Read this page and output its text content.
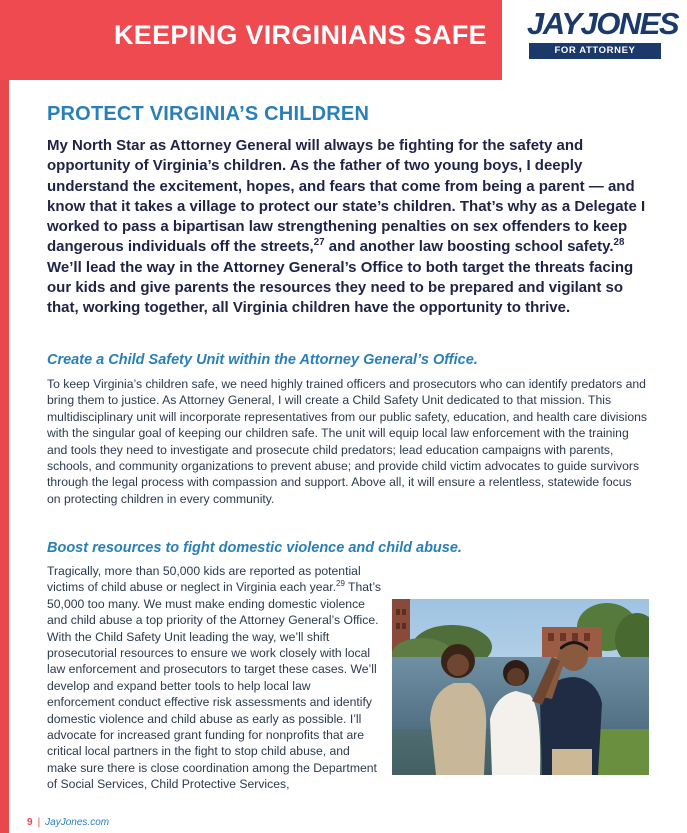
KEEPING VIRGINIANS SAFE JAYJONES
FOR ATTORNEY GENERAL
PROTECT VIRGINIA’S CHILDREN

My North Star as Attorney General will always be fighting for the safety and opportunity of Virginia’s children. As the father of two young boys, I deeply understand the excitement, hopes, and fears that come from being a parent — and know that it takes a village to protect our state’s children. That’s why as a Delegate I worked to pass a bipartisan law strengthening penalties on sex offenders to keep dangerous individuals off the streets,$^{27}$ and another law boosting school safety.$^{28}$ We’ll lead the way in the Attorney General’s Office to both target the threats facing our kids and give parents the resources they need to be prepared and vigilant so that, working together, all Virginia children have the opportunity to thrive.

Create a Child Safety Unit within the Attorney General’s Office.

To keep Virginia’s children safe, we need highly trained officers and prosecutors who can identify predators and bring them to justice. As Attorney General, I will create a Child Safety Unit dedicated to that mission. This multidisciplinary unit will incorporate representatives from our public safety, education, and health care divisions with the singular goal of keeping our children safe. The unit will equip local law enforcement with the training and tools they need to investigate and prosecute child predators; lead education campaigns with parents, schools, and community organizations to prevent abuse; and provide child victim advocates to guide survivors through the legal process with compassion and support. Above all, it will ensure a relentless, statewide focus on protecting children in every community.

Boost resources to fight domestic violence and child abuse.

Tragically, more than 50,000 kids are reported as potential victims of child abuse or neglect in Virginia each year.$^{29}$ That’s 50,000 too many. We must make ending domestic violence and child abuse a top priority of the Attorney General’s Office. With the Child Safety Unit leading the way, we’ll shift prosecutorial resources to ensure we work closely with local law enforcement and prosecutors to target these cases. We’ll develop and expand better tools to help local law enforcement conduct effective risk assessments and identify domestic violence and child abuse as early as possible. I’ll advocate for increased grant funding for nonprofits that are critical local partners in the fight to stop child abuse, and make sure there is close coordination among the Department of Social Services, Child Protective Services,

9 | JayJones.com
